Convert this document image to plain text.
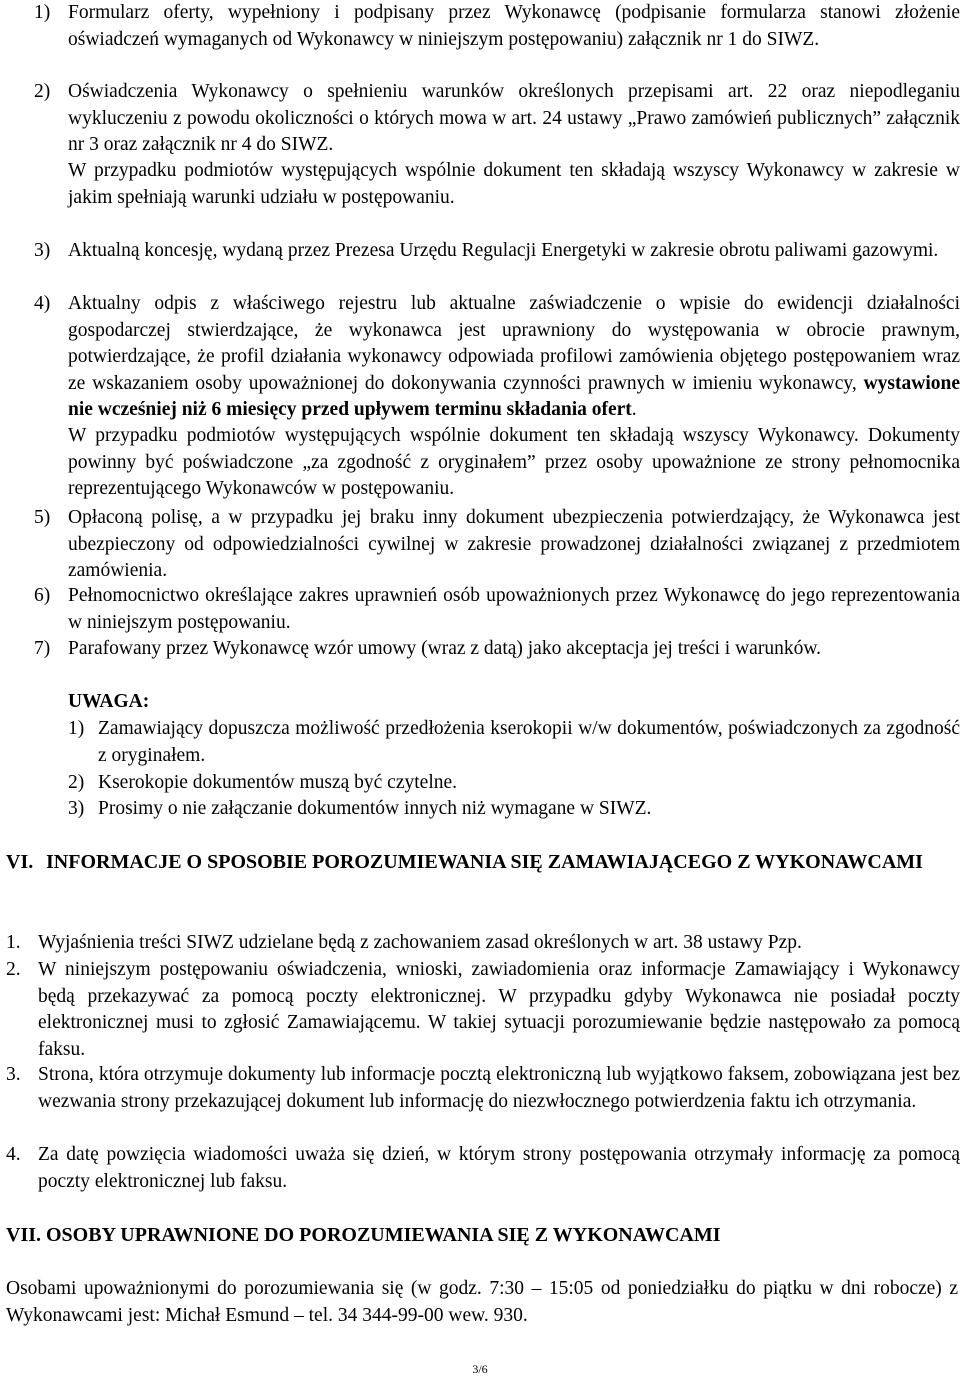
1) Formularz oferty, wypełniony i podpisany przez Wykonawcę (podpisanie formularza stanowi złożenie oświadczeń wymaganych od Wykonawcy w niniejszym postępowaniu) załącznik nr 1 do SIWZ.
2) Oświadczenia Wykonawcy o spełnieniu warunków określonych przepisami art. 22 oraz niepodleganiu wykluczeniu z powodu okoliczności o których mowa w art. 24 ustawy „Prawo zamówień publicznych” załącznik nr 3 oraz załącznik nr 4 do SIWZ.
W przypadku podmiotów występujących wspólnie dokument ten składają wszyscy Wykonawcy w zakresie w jakim spełniają warunki udziału w postępowaniu.
3) Aktualną koncesję, wydaną przez Prezesa Urzędu Regulacji Energetyki w zakresie obrotu paliwami gazowymi.
4) Aktualny odpis z właściwego rejestru lub aktualne zaświadczenie o wpisie do ewidencji działalności gospodarczej stwierdzające, że wykonawca jest uprawniony do występowania w obrocie prawnym, potwierdzające, że profil działania wykonawcy odpowiada profilowi zamówienia objętego postępowaniem wraz ze wskazaniem osoby upoważnionej do dokonywania czynności prawnych w imieniu wykonawcy, wystawione nie wcześniej niż 6 miesięcy przed upływem terminu składania ofert.
W przypadku podmiotów występujących wspólnie dokument ten składają wszyscy Wykonawcy. Dokumenty powinny być poświadczone „za zgodność z oryginałem” przez osoby upoważnione ze strony pełnomocnika reprezentującego Wykonawców w postępowaniu.
5) Opłaconą polisę, a w przypadku jej braku inny dokument ubezpieczenia potwierdzający, że Wykonawca jest ubezpieczony od odpowiedzialności cywilnej w zakresie prowadzonej działalności związanej z przedmiotem zamówienia.
6) Pełnomocnictwo określające zakres uprawnień osób upoważnionych przez Wykonawcę do jego reprezentowania w niniejszym postępowaniu.
7) Parafowany przez Wykonawcę wzór umowy (wraz z datą) jako akceptacja jej treści i warunków.
UWAGA:
1) Zamawiający dopuszcza możliwość przedłożenia kserokopii w/w dokumentów, poświadczonych za zgodność z oryginałem.
2) Kserokopie dokumentów muszą być czytelne.
3) Prosimy o nie załączanie dokumentów innych niż wymagane w SIWZ.
VI. INFORMACJE O SPOSOBIE POROZUMIEWANIA SIĘ ZAMAWIAJĄCEGO Z WYKONAWCAMI
1. Wyjaśnienia treści SIWZ udzielane będą z zachowaniem zasad określonych w art. 38 ustawy Pzp.
2. W niniejszym postępowaniu oświadczenia, wnioski, zawiadomienia oraz informacje Zamawiający i Wykonawcy będą przekazywać za pomocą poczty elektronicznej. W przypadku gdyby Wykonawca nie posiadał poczty elektronicznej musi to zgłosić Zamawiającemu. W takiej sytuacji porozumiewanie będzie następowało za pomocą faksu.
3. Strona, która otrzymuje dokumenty lub informacje pocztą elektroniczną lub wyjątkowo faksem, zobowiązana jest bez wezwania strony przekazującej dokument lub informację do niezwłocznego potwierdzenia faktu ich otrzymania.
4. Za datę powzięcia wiadomości uważa się dzień, w którym strony postępowania otrzymały informację za pomocą poczty elektronicznej lub faksu.
VII. OSOBY UPRAWNIONE DO POROZUMIEWANIA SIĘ Z WYKONAWCAMI
Osobami upoważnionymi do porozumiewania się (w godz. 7:30 – 15:05 od poniedziałku do piątku w dni robocze) z Wykonawcami jest: Michał Esmund – tel. 34 344-99-00 wew. 930.
3/6
